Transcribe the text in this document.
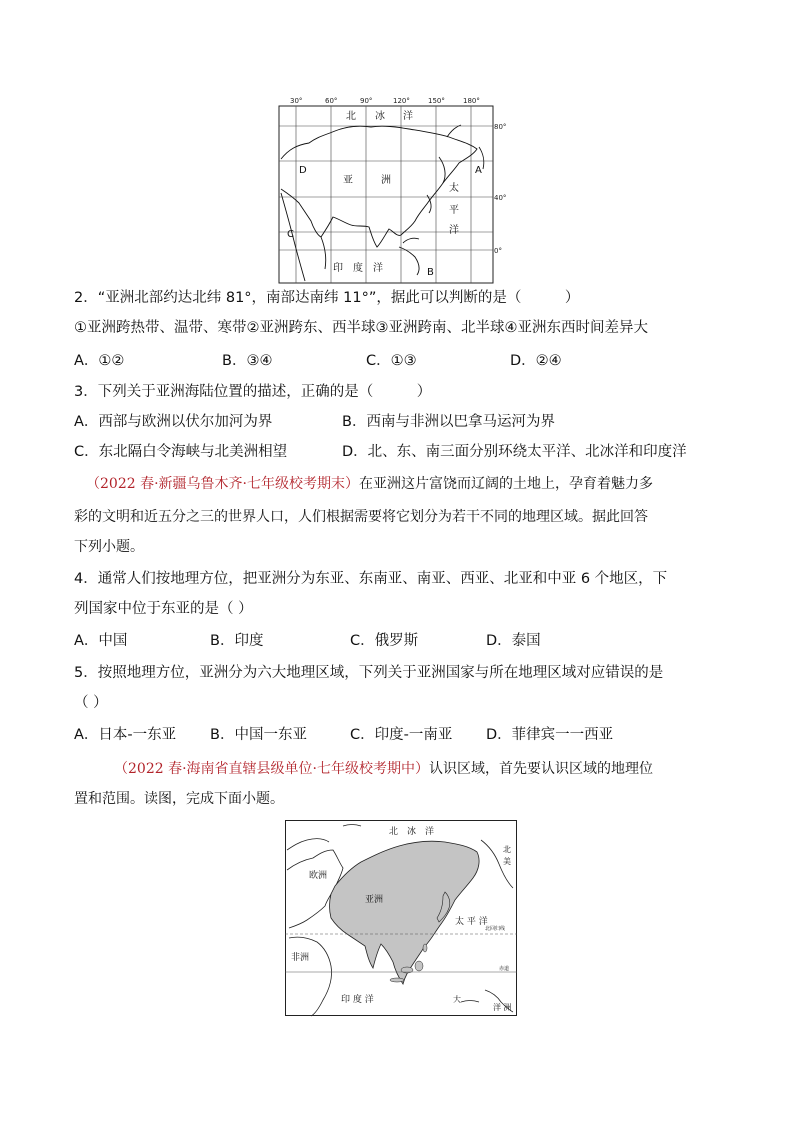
30°	60°	90°	120°	150°	180°
80°
40°
0°
北 冰 洋
亚	洲
太
平
洋
印 度 洋
A
B
C
D
2．“亚洲北部约达北纬 81°，南部达南纬 11°”，据此可以判断的是（　　　）
①亚洲跨热带、温带、寒带②亚洲跨东、西半球③亚洲跨南、北半球④亚洲东西时间差异大
A．①②	B．③④	C．①③	D．②④
3．下列关于亚洲海陆位置的描述，正确的是（　　　）
A．西部与欧洲以伏尔加河为界	B．西南与非洲以巴拿马运河为界
C．东北隔白令海峡与北美洲相望	D．北、东、南三面分别环绕太平洋、北冰洋和印度洋
（2022 春·新疆乌鲁木齐·七年级校考期末）在亚洲这片富饶而辽阔的土地上，孕育着魅力多
彩的文明和近五分之三的世界人口，人们根据需要将它划分为若干不同的地理区域。据此回答
下列小题。
4．通常人们按地理方位，把亚洲分为东亚、东南亚、南亚、西亚、北亚和中亚 6 个地区，下
列国家中位于东亚的是（ ）
A．中国	B．印度	C．俄罗斯	D．泰国
5．按照地理方位，亚洲分为六大地理区域，下列关于亚洲国家与所在地理区域对应错误的是
（ ）
A．日本-一东亚 B．中国一东亚	C．印度-一南亚 D．菲律宾一一西亚
（2022 春·海南省直辖县级单位·七年级校考期中）认识区域，首先要认识区域的地理位
置和范围。读图，完成下面小题。
北　冰　洋
欧洲
亚洲
太 平 洋
北回归线
非洲
赤道
印 度 洋
北
美
大
洋 洲
